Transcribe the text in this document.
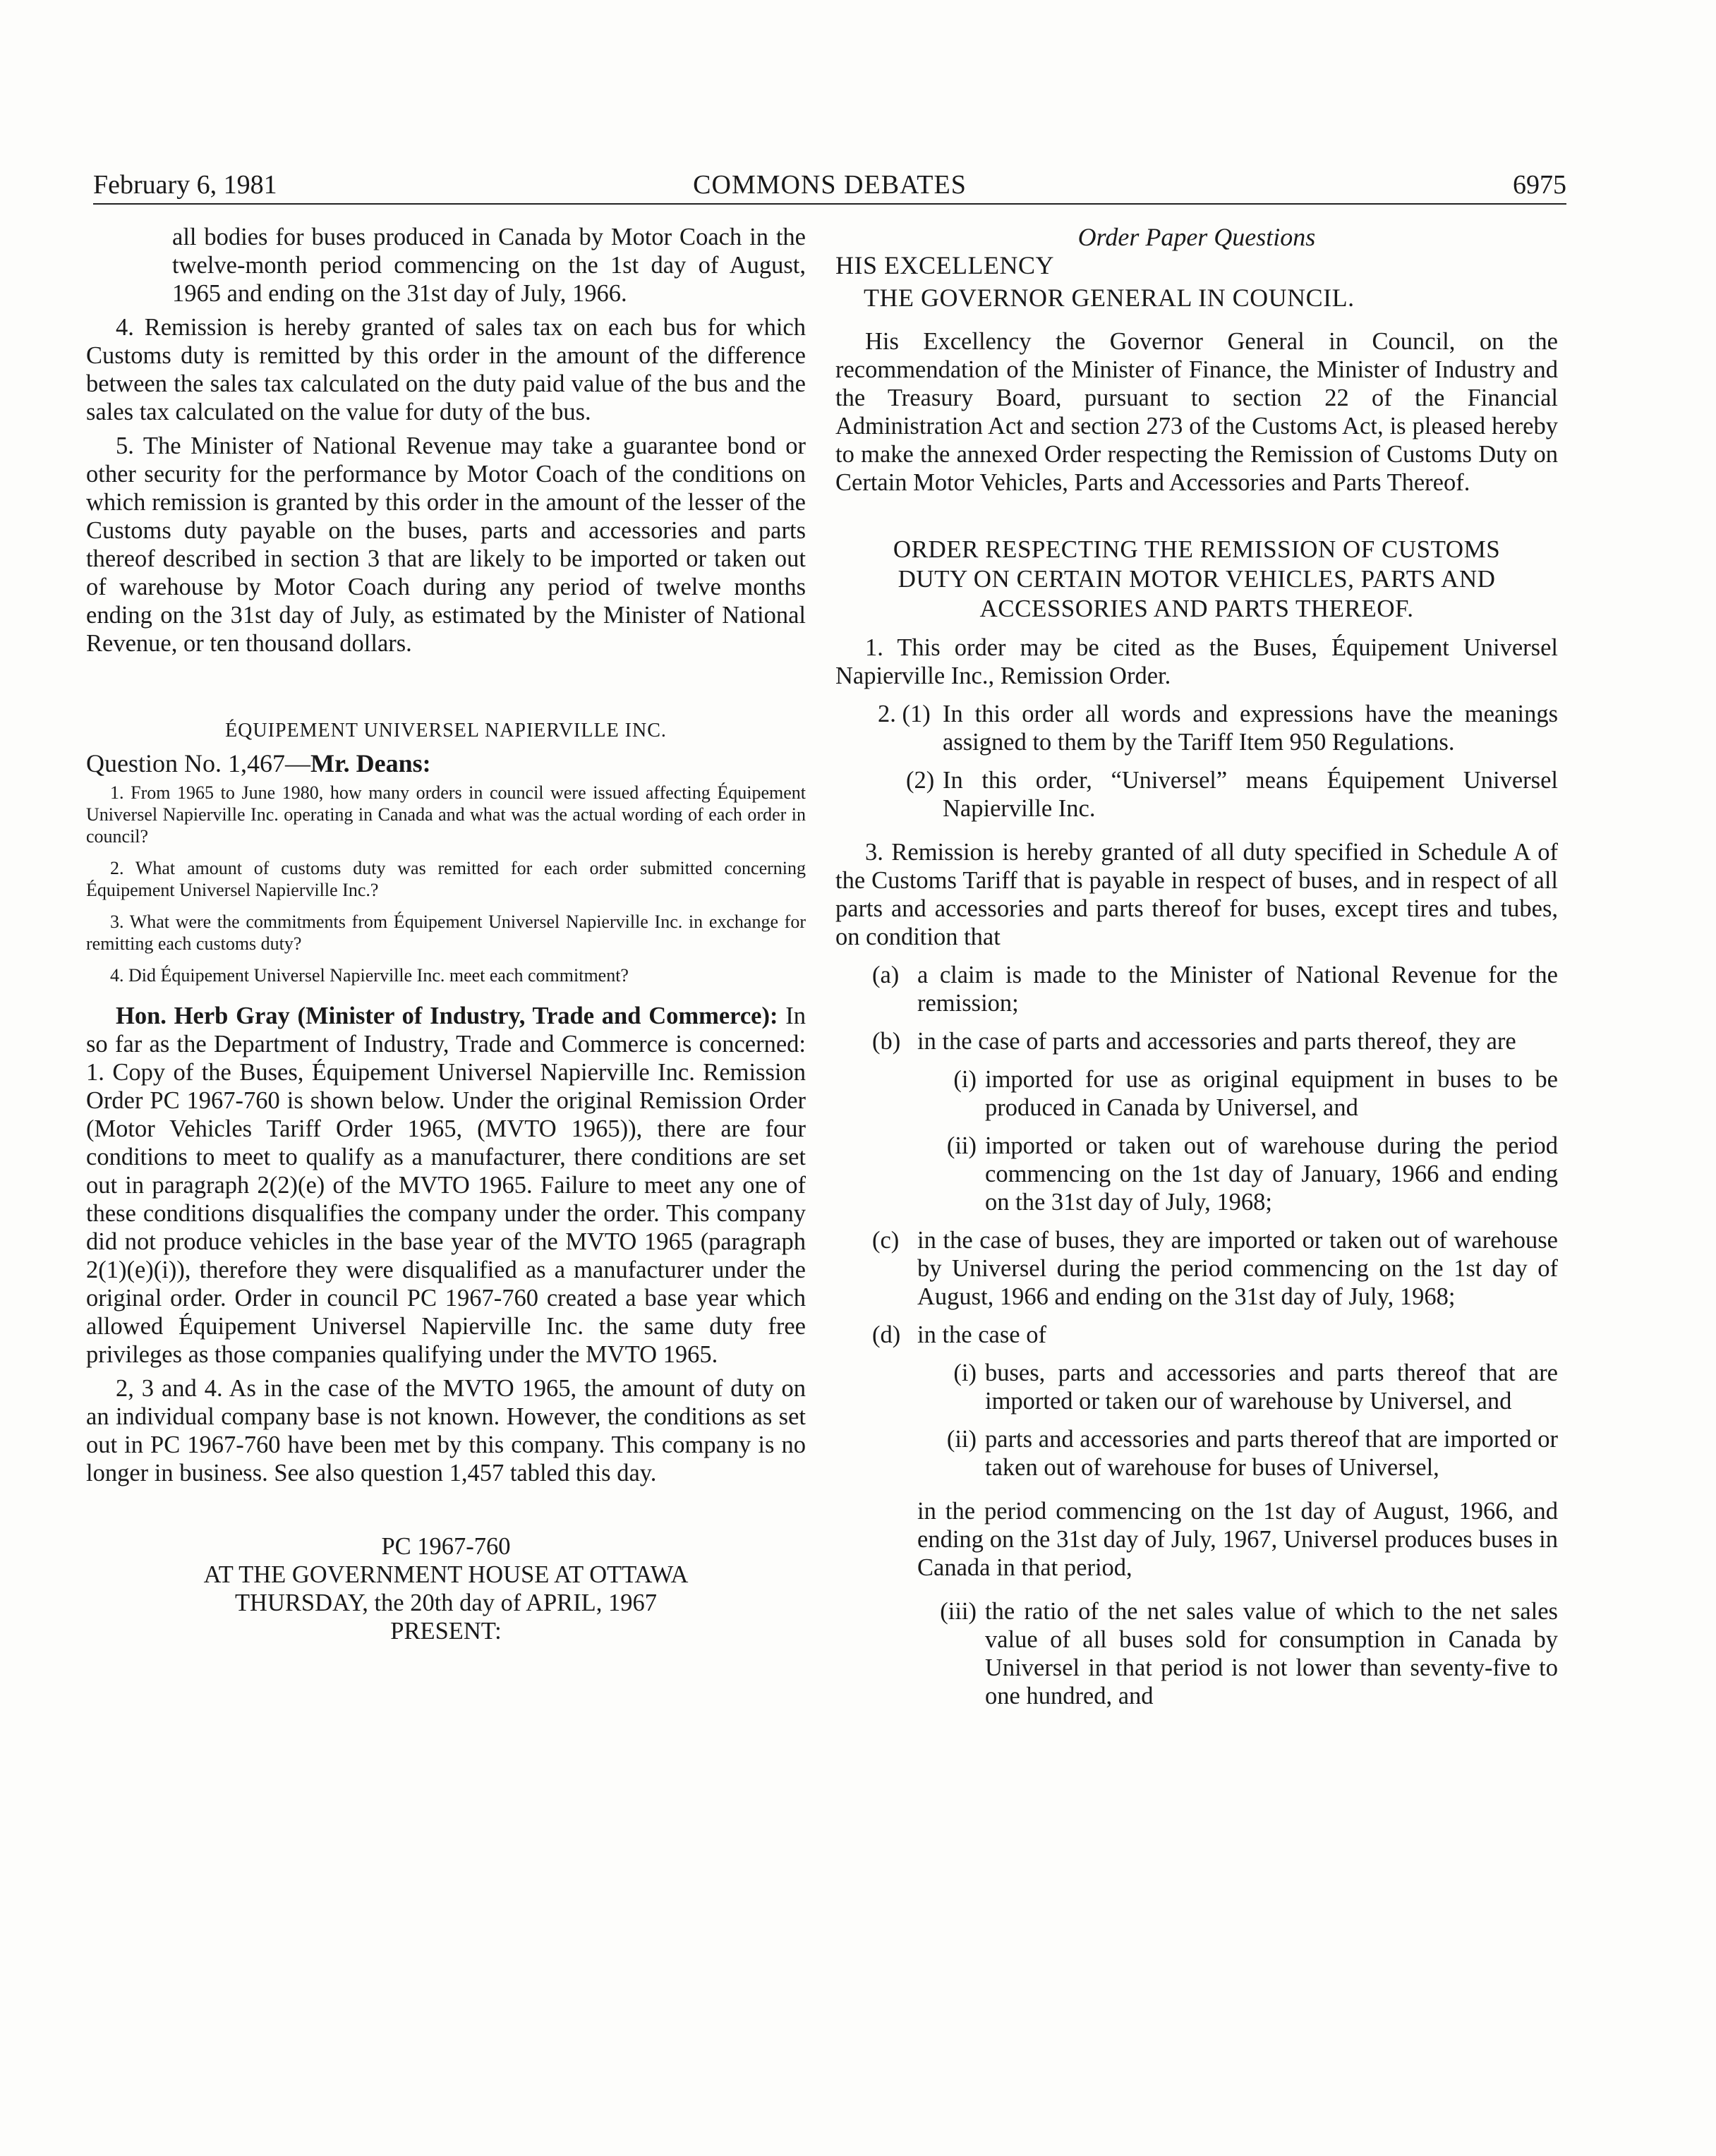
February 6, 1981	COMMONS DEBATES	6975

all bodies for buses produced in Canada by Motor Coach in the twelve-month period commencing on the 1st day of August, 1965 and ending on the 31st day of July, 1966.

4. Remission is hereby granted of sales tax on each bus for which Customs duty is remitted by this order in the amount of the difference between the sales tax calculated on the duty paid value of the bus and the sales tax calculated on the value for duty of the bus.

5. The Minister of National Revenue may take a guarantee bond or other security for the performance by Motor Coach of the conditions on which remission is granted by this order in the amount of the lesser of the Customs duty payable on the buses, parts and accessories and parts thereof described in section 3 that are likely to be imported or taken out of warehouse by Motor Coach during any period of twelve months ending on the 31st day of July, as estimated by the Minister of National Revenue, or ten thousand dollars.

ÉQUIPEMENT UNIVERSEL NAPIERVILLE INC.

Question No. 1,467—Mr. Deans:

1. From 1965 to June 1980, how many orders in council were issued affecting Équipement Universel Napierville Inc. operating in Canada and what was the actual wording of each order in council?

2. What amount of customs duty was remitted for each order submitted concerning Équipement Universel Napierville Inc.?

3. What were the commitments from Équipement Universel Napierville Inc. in exchange for remitting each customs duty?

4. Did Équipement Universel Napierville Inc. meet each commitment?

Hon. Herb Gray (Minister of Industry, Trade and Commerce): In so far as the Department of Industry, Trade and Commerce is concerned: 1. Copy of the Buses, Équipement Universel Napierville Inc. Remission Order PC 1967-760 is shown below. Under the original Remission Order (Motor Vehicles Tariff Order 1965, (MVTO 1965)), there are four conditions to meet to qualify as a manufacturer, there conditions are set out in paragraph 2(2)(e) of the MVTO 1965. Failure to meet any one of these conditions disqualifies the company under the order. This company did not produce vehicles in the base year of the MVTO 1965 (paragraph 2(1)(e)(i)), therefore they were disqualified as a manufacturer under the original order. Order in council PC 1967-760 created a base year which allowed Équipement Universel Napierville Inc. the same duty free privileges as those companies qualifying under the MVTO 1965.

2, 3 and 4. As in the case of the MVTO 1965, the amount of duty on an individual company base is not known. However, the conditions as set out in PC 1967-760 have been met by this company. This company is no longer in business. See also question 1,457 tabled this day.

PC 1967-760

AT THE GOVERNMENT HOUSE AT OTTAWA

THURSDAY, the 20th day of APRIL, 1967

PRESENT:

Order Paper Questions

HIS EXCELLENCY

THE GOVERNOR GENERAL IN COUNCIL.

His Excellency the Governor General in Council, on the recommendation of the Minister of Finance, the Minister of Industry and the Treasury Board, pursuant to section 22 of the Financial Administration Act and section 273 of the Customs Act, is pleased hereby to make the annexed Order respecting the Remission of Customs Duty on Certain Motor Vehicles, Parts and Accessories and Parts Thereof.

ORDER RESPECTING THE REMISSION OF CUSTOMS

DUTY ON CERTAIN MOTOR VEHICLES, PARTS AND

ACCESSORIES AND PARTS THEREOF.

1. This order may be cited as the Buses, Équipement Universel Napierville Inc., Remission Order.

2. (1) In this order all words and expressions have the meanings assigned to them by the Tariff Item 950 Regulations.

(2) In this order, “Universel” means Équipement Universel Napierville Inc.

3. Remission is hereby granted of all duty specified in Schedule A of the Customs Tariff that is payable in respect of buses, and in respect of all parts and accessories and parts thereof for buses, except tires and tubes, on condition that

(a) a claim is made to the Minister of National Revenue for the remission;

(b) in the case of parts and accessories and parts thereof, they are

(i) imported for use as original equipment in buses to be produced in Canada by Universel, and

(ii) imported or taken out of warehouse during the period commencing on the 1st day of January, 1966 and ending on the 31st day of July, 1968;

(c) in the case of buses, they are imported or taken out of warehouse by Universel during the period commencing on the 1st day of August, 1966 and ending on the 31st day of July, 1968;

(d) in the case of

(i) buses, parts and accessories and parts thereof that are imported or taken our of warehouse by Universel, and

(ii) parts and accessories and parts thereof that are imported or taken out of warehouse for buses of Universel,

in the period commencing on the 1st day of August, 1966, and ending on the 31st day of July, 1967, Universel produces buses in Canada in that period,

(iii) the ratio of the net sales value of which to the net sales value of all buses sold for consumption in Canada by Universel in that period is not lower than seventy-five to one hundred, and
